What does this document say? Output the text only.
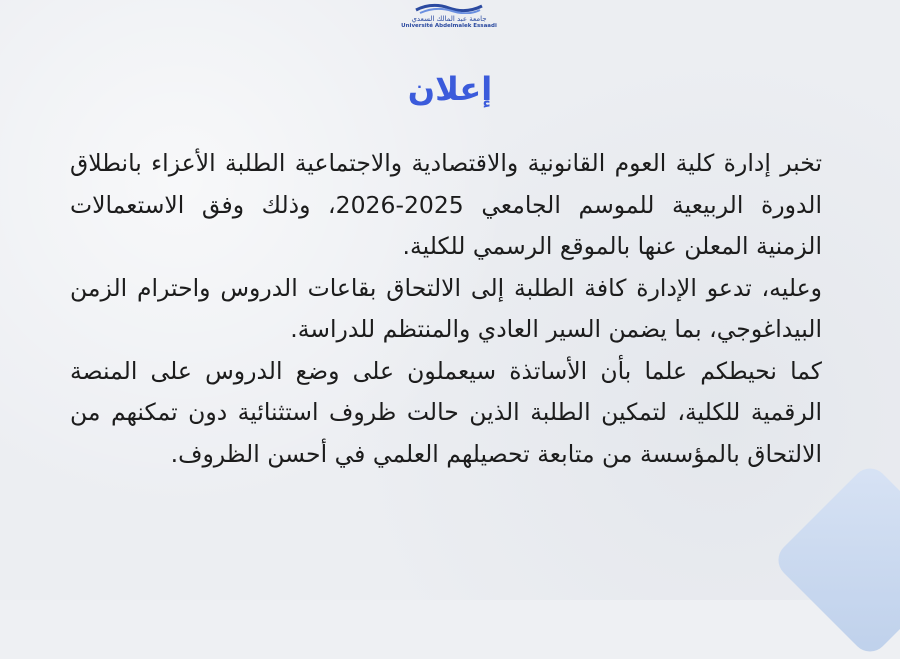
جامعة عبد المالك السعدي
Université Abdelmalek Essaadi
إعلان

تخبر إدارة كلية العوم القانونية والاقتصادية والاجتماعية الطلبة الأعزاء بانطلاق الدورة الربيعية للموسم الجامعي 2025-2026، وذلك وفق الاستعمالات الزمنية المعلن عنها بالموقع الرسمي للكلية.

وعليه، تدعو الإدارة كافة الطلبة إلى الالتحاق بقاعات الدروس واحترام الزمن البيداغوجي، بما يضمن السير العادي والمنتظم للدراسة.

كما نحيطكم علما بأن الأساتذة سيعملون على وضع الدروس على المنصة الرقمية للكلية، لتمكين الطلبة الذين حالت ظروف استثنائية دون تمكنهم من الالتحاق بالمؤسسة من متابعة تحصيلهم العلمي في أحسن الظروف.
